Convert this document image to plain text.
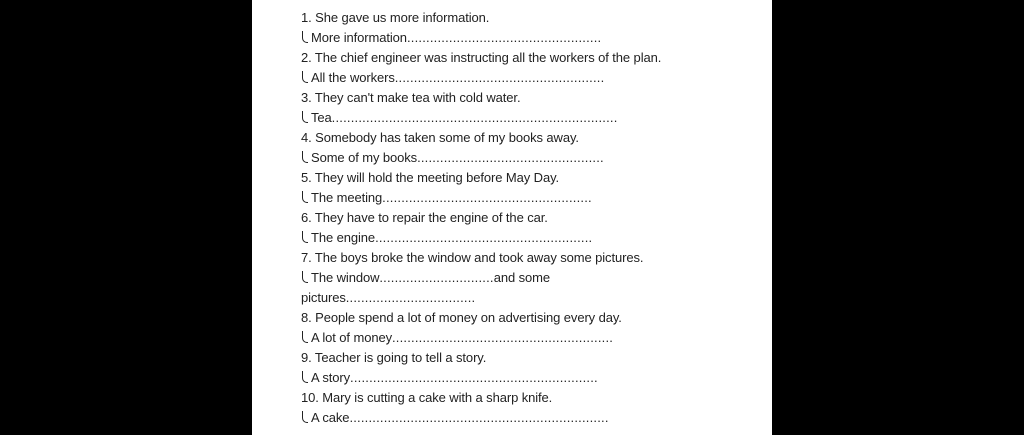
1. She gave us more information.
More information...................................................
2. The chief engineer was instructing all the workers of the plan.
All the workers.......................................................
3. They can't make tea with cold water.
Tea...........................................................................
4. Somebody has taken some of my books away.
Some of my books.................................................
5. They will hold the meeting before May Day.
The meeting.......................................................
6. They have to repair the engine of the car.
The engine.........................................................
7. The boys broke the window and took away some pictures.
The window..............................and some
pictures..................................
8. People spend a lot of money on advertising every day.
A lot of money..........................................................
9. Teacher is going to tell a story.
A story.................................................................
10. Mary is cutting a cake with a sharp knife.
A cake....................................................................
